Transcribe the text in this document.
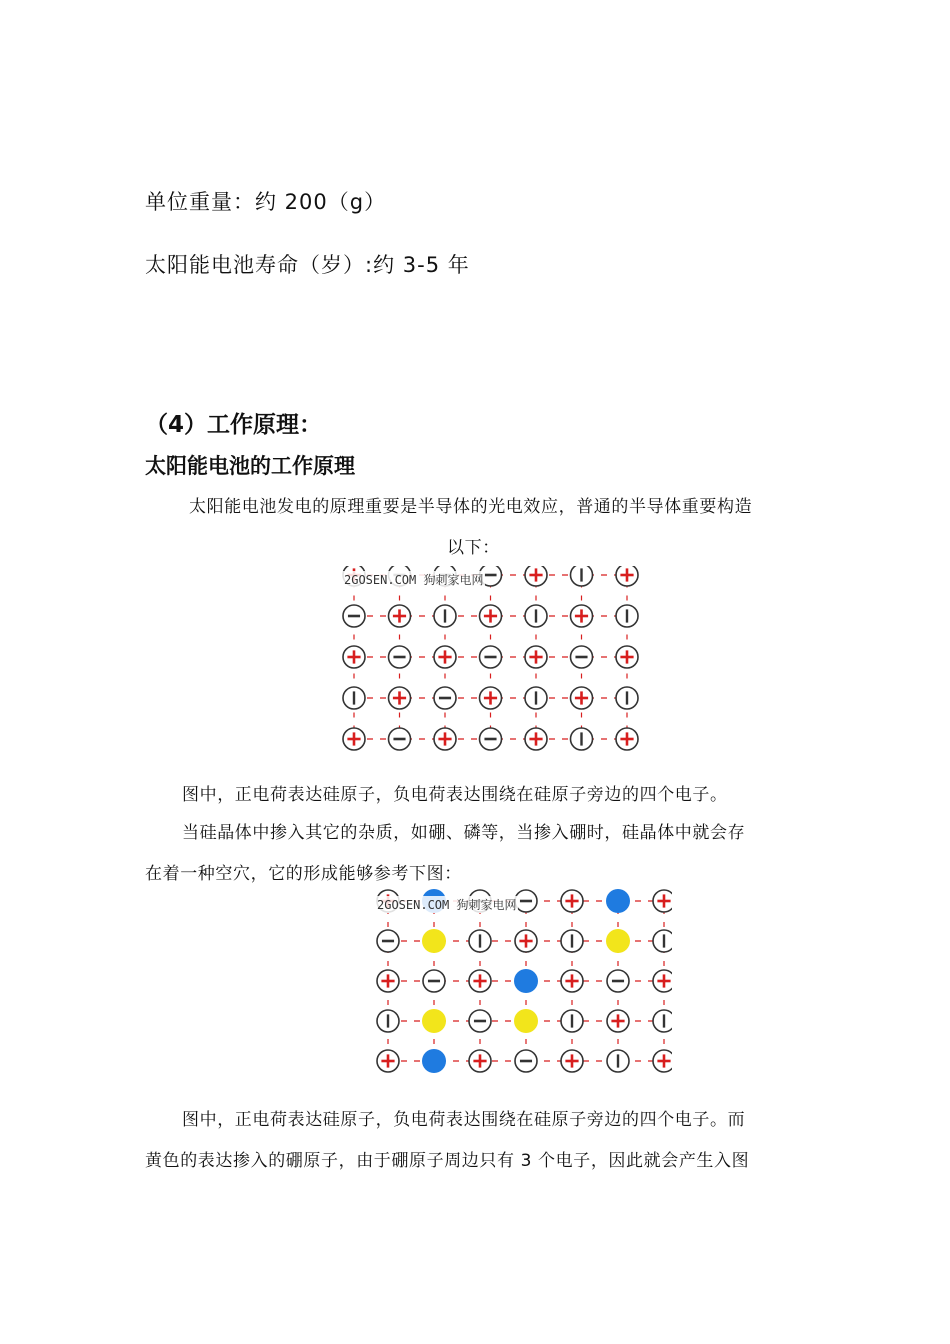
单位重量：约 200（g）
太阳能电池寿命（岁）:约 3-5 年
（4）工作原理：
太阳能电池的工作原理
太阳能电池发电的原理重要是半导体的光电效应，普通的半导体重要构造
以下：
2GOSEN.COM 狗刺家电网
图中，正电荷表达硅原子，负电荷表达围绕在硅原子旁边的四个电子。
当硅晶体中掺入其它的杂质，如硼、磷等，当掺入硼时，硅晶体中就会存
在着一种空穴，它的形成能够参考下图：
2GOSEN.COM 狗刺家电网
图中，正电荷表达硅原子，负电荷表达围绕在硅原子旁边的四个电子。而
黄色的表达掺入的硼原子，由于硼原子周边只有 3 个电子，因此就会产生入图
